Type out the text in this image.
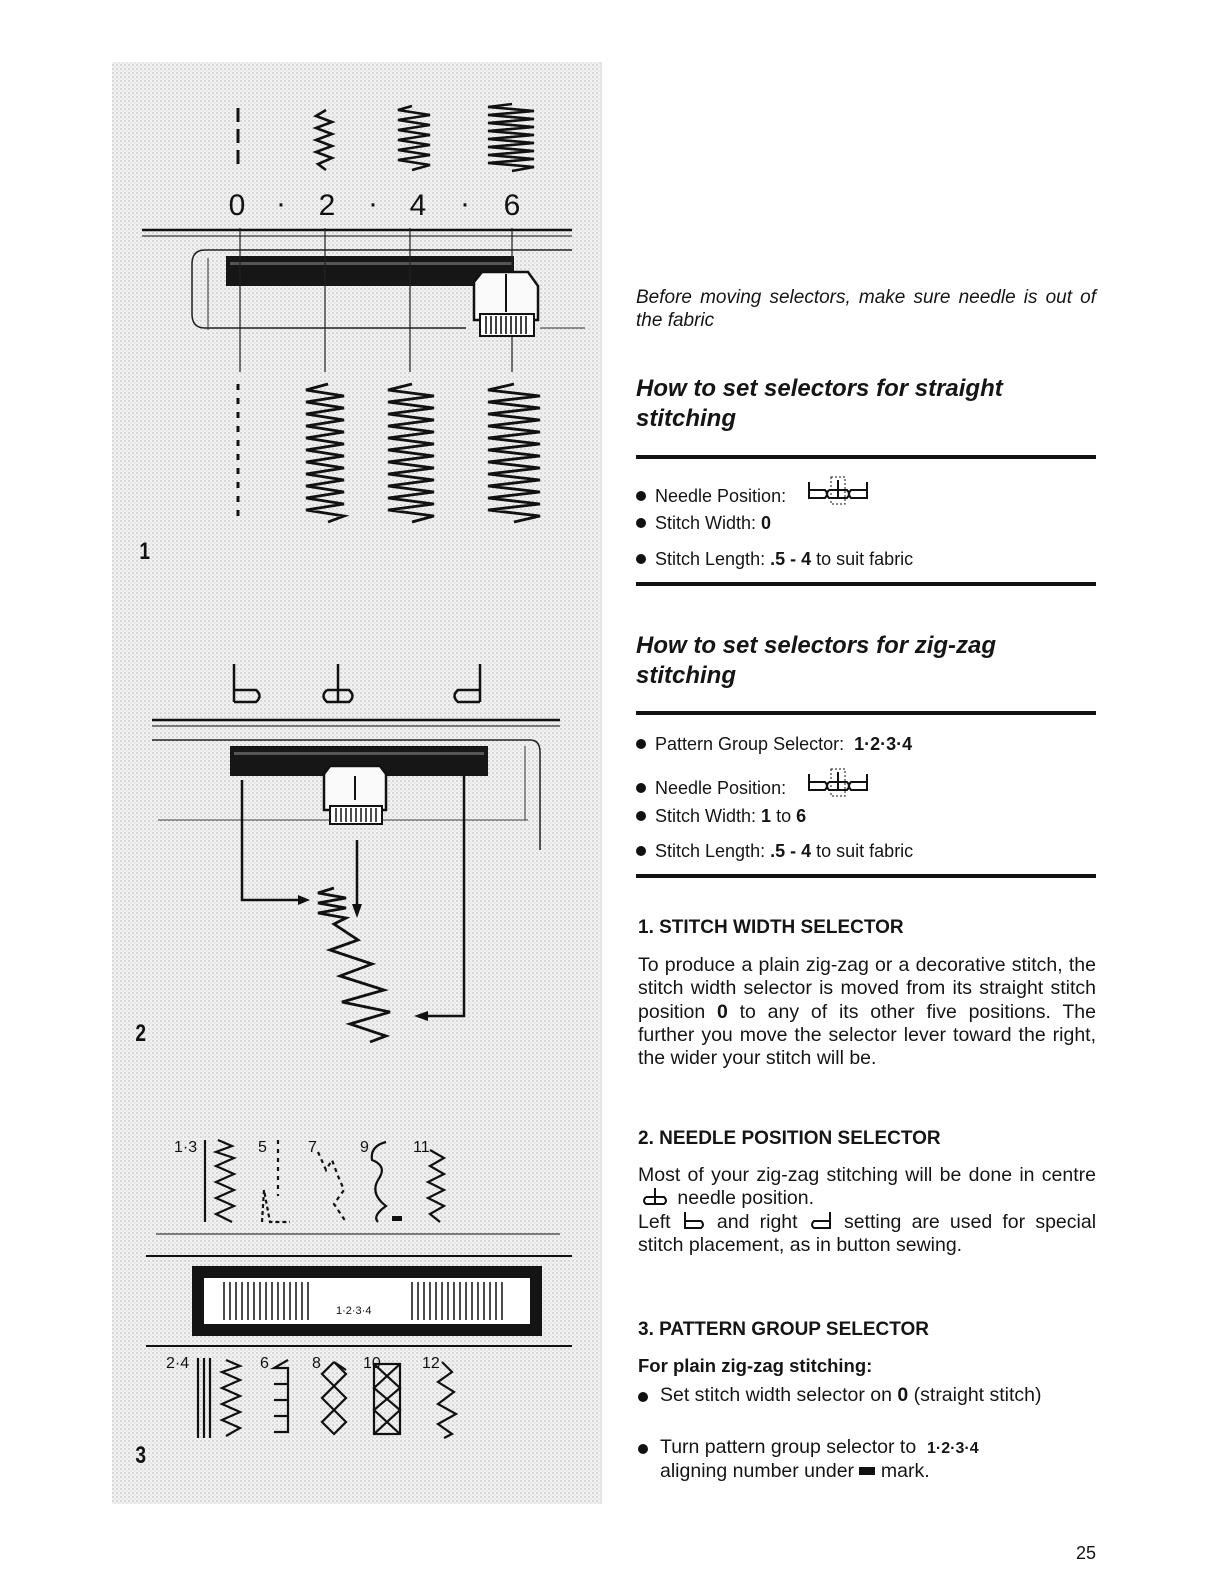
0 · 2 · 4 · 6
1·3	5	7	9	11
1·2·3·4
2·4	6	8	10	12
1
2
3
Before moving selectors, make sure needle is out of the fabric
How to set selectors for straight stitching
Needle Position:
Stitch Width: 0
Stitch Length: .5 - 4 to suit fabric
How to set selectors for zig-zag stitching
Pattern Group Selector: 1·2·3·4
Needle Position:
Stitch Width: 1 to 6
Stitch Length: .5 - 4 to suit fabric
1. STITCH WIDTH SELECTOR

To produce a plain zig-zag or a decorative stitch, the stitch width selector is moved from its straight stitch position 0 to any of its other five positions. The further you move the selector lever toward the right, the wider your stitch will be.

2. NEEDLE POSITION SELECTOR

Most of your zig-zag stitching will be done in centre  needle position.
Left and right setting are used for special stitch placement, as in button sewing.

3. PATTERN GROUP SELECTOR
For plain zig-zag stitching:
Set stitch width selector on 0 (straight stitch)
Turn pattern group selector to 1·2·3·4
aligning number under mark.
25
